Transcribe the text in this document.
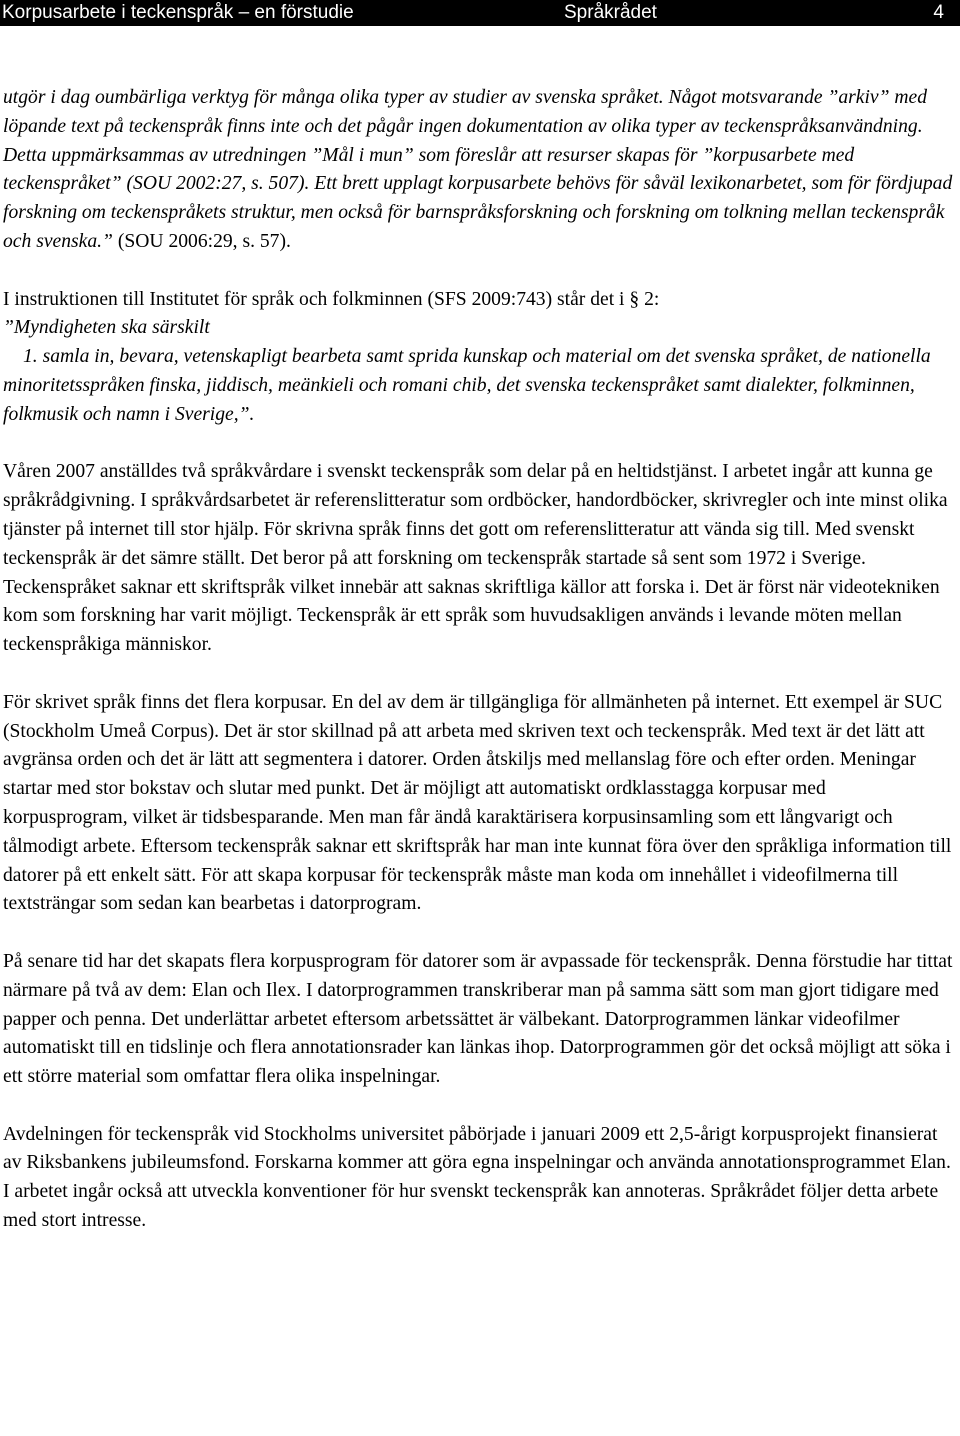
Korpusarbete i teckenspråk – en förstudie	Språkrådet	4

utgör i dag oumbärliga verktyg för många olika typer av studier av svenska språket. Något motsvarande ”arkiv” med löpande text på teckenspråk finns inte och det pågår ingen dokumentation av olika typer av teckenspråksanvändning. Detta uppmärksammas av utredningen ”Mål i mun” som föreslår att resurser skapas för ”korpusarbete med teckenspråket” (SOU 2002:27, s. 507). Ett brett upplagt korpusarbete behövs för såväl lexikonarbetet, som för fördjupad forskning om teckenspråkets struktur, men också för barnspråksforskning och forskning om tolkning mellan teckenspråk och svenska.” (SOU 2006:29, s. 57).

I instruktionen till Institutet för språk och folkminnen (SFS 2009:743) står det i § 2:
”Myndigheten ska särskilt

1. samla in, bevara, vetenskapligt bearbeta samt sprida kunskap och material om det svenska språket, de nationella minoritetsspråken finska, jiddisch, meänkieli och romani chib, det svenska teckenspråket samt dialekter, folkminnen, folkmusik och namn i Sverige,”.

Våren 2007 anställdes två språkvårdare i svenskt teckenspråk som delar på en heltidstjänst. I arbetet ingår att kunna ge språkrådgivning. I språkvårdsarbetet är referenslitteratur som ordböcker, handordböcker, skrivregler och inte minst olika tjänster på internet till stor hjälp. För skrivna språk finns det gott om referenslitteratur att vända sig till. Med svenskt teckenspråk är det sämre ställt. Det beror på att forskning om teckenspråk startade så sent som 1972 i Sverige. Teckenspråket saknar ett skriftspråk vilket innebär att saknas skriftliga källor att forska i. Det är först när videotekniken kom som forskning har varit möjligt. Teckenspråk är ett språk som huvudsakligen används i levande möten mellan teckenspråkiga människor.

För skrivet språk finns det flera korpusar. En del av dem är tillgängliga för allmänheten på internet. Ett exempel är SUC (Stockholm Umeå Corpus). Det är stor skillnad på att arbeta med skriven text och teckenspråk. Med text är det lätt att avgränsa orden och det är lätt att segmentera i datorer. Orden åtskiljs med mellanslag före och efter orden. Meningar startar med stor bokstav och slutar med punkt. Det är möjligt att automatiskt ordklasstagga korpusar med korpusprogram, vilket är tidsbesparande. Men man får ändå karaktärisera korpusinsamling som ett långvarigt och tålmodigt arbete. Eftersom teckenspråk saknar ett skriftspråk har man inte kunnat föra över den språkliga information till datorer på ett enkelt sätt. För att skapa korpusar för teckenspråk måste man koda om innehållet i videofilmerna till textsträngar som sedan kan bearbetas i datorprogram.

På senare tid har det skapats flera korpusprogram för datorer som är avpassade för teckenspråk. Denna förstudie har tittat närmare på två av dem: Elan och Ilex. I datorprogrammen transkriberar man på samma sätt som man gjort tidigare med papper och penna. Det underlättar arbetet eftersom arbetssättet är välbekant. Datorprogrammen länkar videofilmer automatiskt till en tidslinje och flera annotationsrader kan länkas ihop. Datorprogrammen gör det också möjligt att söka i ett större material som omfattar flera olika inspelningar.

Avdelningen för teckenspråk vid Stockholms universitet påbörjade i januari 2009 ett 2,5-årigt korpusprojekt finansierat av Riksbankens jubileumsfond. Forskarna kommer att göra egna inspelningar och använda annotationsprogrammet Elan. I arbetet ingår också att utveckla konventioner för hur svenskt teckenspråk kan annoteras. Språkrådet följer detta arbete med stort intresse.
